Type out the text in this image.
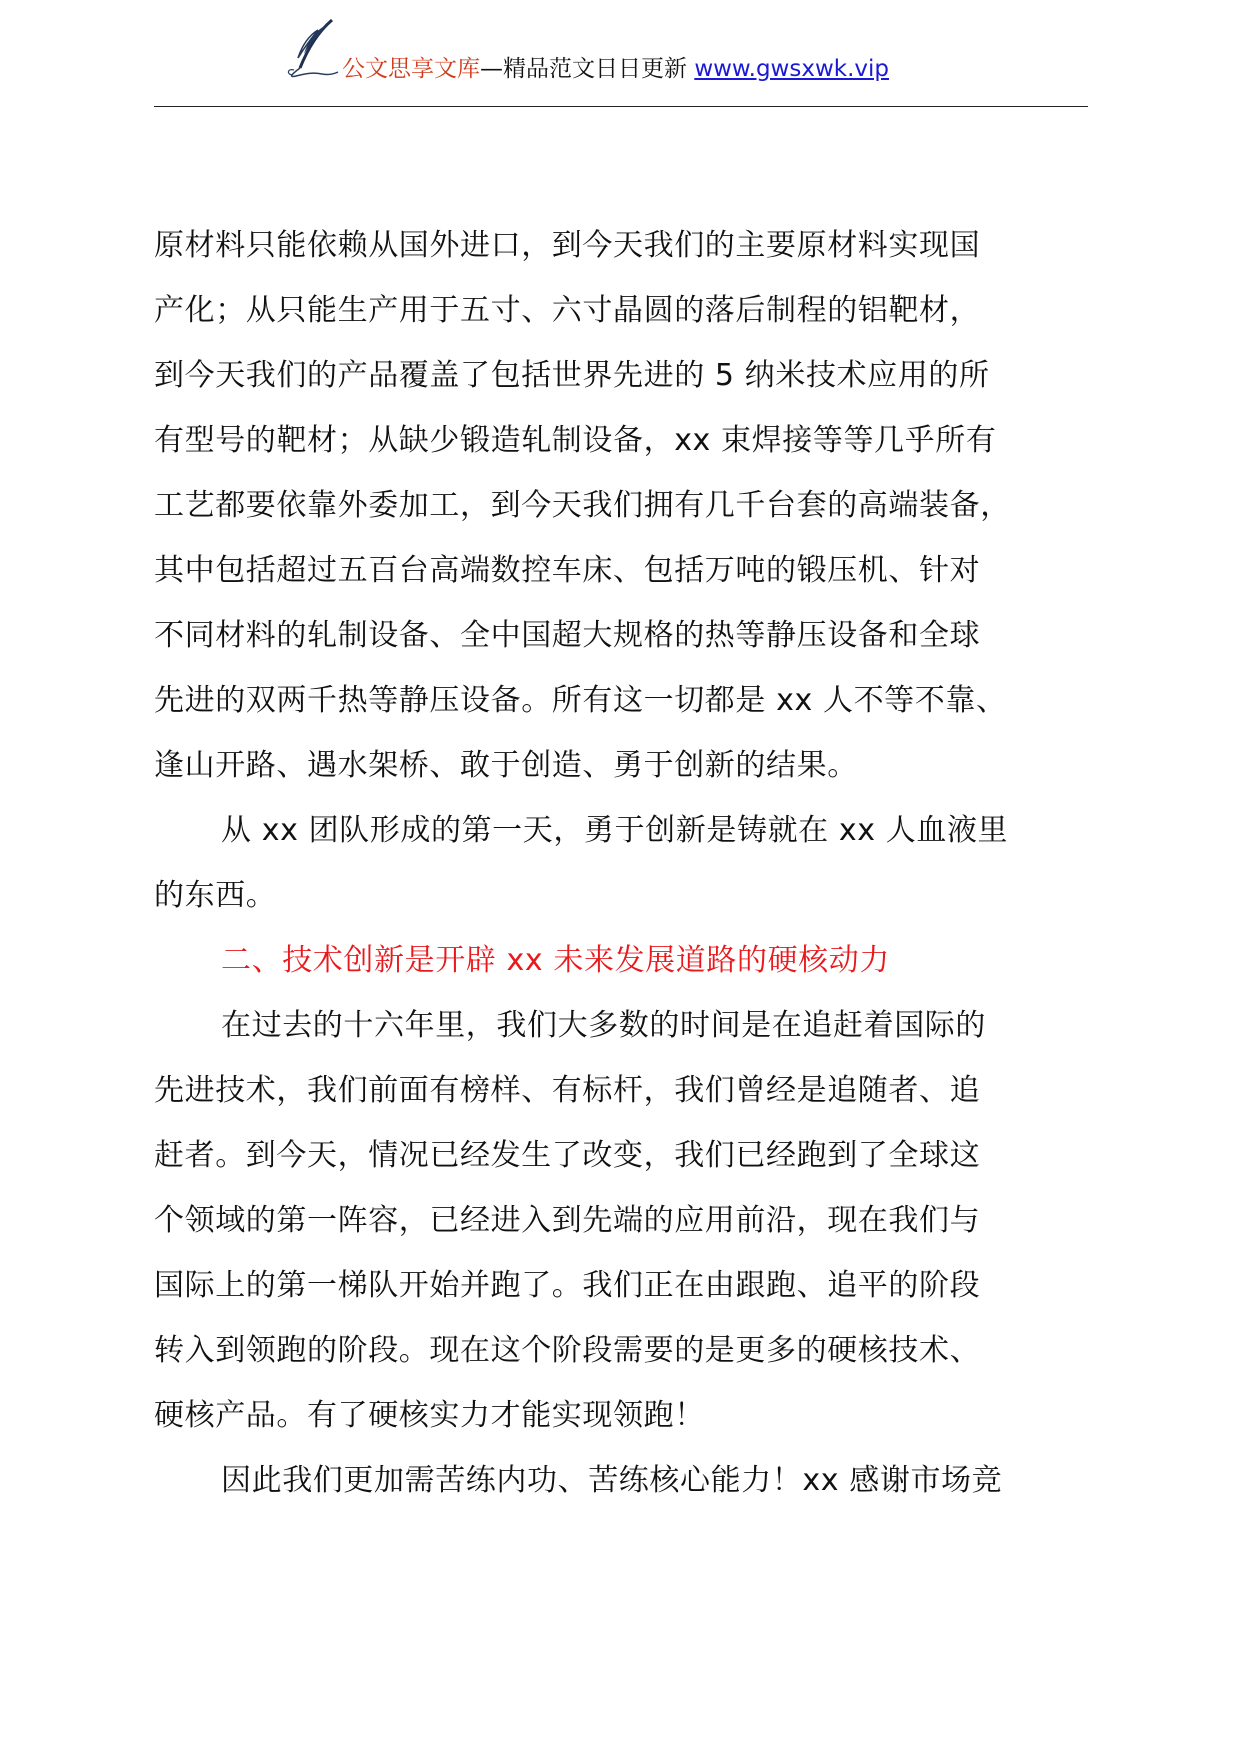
公文思享文库—精品范文日日更新 www.gwsxwk.vip
原材料只能依赖从国外进口，到今天我们的主要原材料实现国
产化；从只能生产用于五寸、六寸晶圆的落后制程的铝靶材，
到今天我们的产品覆盖了包括世界先进的 5 纳米技术应用的所
有型号的靶材；从缺少锻造轧制设备，xx 束焊接等等几乎所有
工艺都要依靠外委加工，到今天我们拥有几千台套的高端装备，
其中包括超过五百台高端数控车床、包括万吨的锻压机、针对
不同材料的轧制设备、全中国超大规格的热等静压设备和全球
先进的双两千热等静压设备。所有这一切都是 xx 人不等不靠、
逢山开路、遇水架桥、敢于创造、勇于创新的结果。
从 xx 团队形成的第一天，勇于创新是铸就在 xx 人血液里
的东西。
二、技术创新是开辟 xx 未来发展道路的硬核动力
在过去的十六年里，我们大多数的时间是在追赶着国际的
先进技术，我们前面有榜样、有标杆，我们曾经是追随者、追
赶者。到今天，情况已经发生了改变，我们已经跑到了全球这
个领域的第一阵容，已经进入到先端的应用前沿，现在我们与
国际上的第一梯队开始并跑了。我们正在由跟跑、追平的阶段
转入到领跑的阶段。现在这个阶段需要的是更多的硬核技术、
硬核产品。有了硬核实力才能实现领跑！
因此我们更加需苦练内功、苦练核心能力！xx 感谢市场竞
